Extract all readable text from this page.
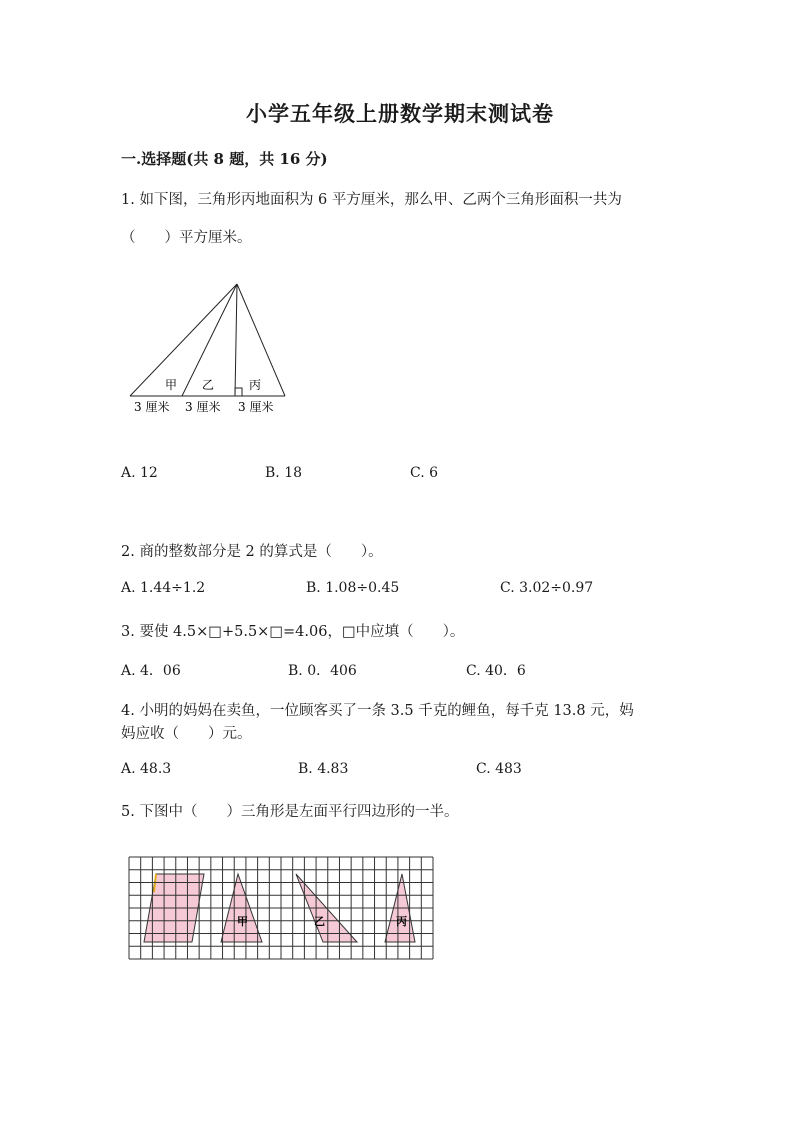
小学五年级上册数学期末测试卷
一.选择题(共 8 题，共 16 分)
1. 如下图，三角形丙地面积为 6 平方厘米，那么甲、乙两个三角形面积一共为
（　　）平方厘米。
甲 乙	丙
3 厘米 3 厘米 3 厘米
A. 12	B. 18	C. 6
2. 商的整数部分是 2 的算式是（　　）。
A. 1.44÷1.2	B. 1.08÷0.45	C. 3.02÷0.97
3. 要使 4.5×□+5.5×□=4.06，□中应填（　　）。
A. 4．06	B. 0．406	C. 40．6
4. 小明的妈妈在卖鱼，一位顾客买了一条 3.5 千克的鲤鱼，每千克 13.8 元，妈
妈应收（　　）元。
A. 48.3	B. 4.83	C. 483
5. 下图中（　　）三角形是左面平行四边形的一半。
甲	乙	丙
